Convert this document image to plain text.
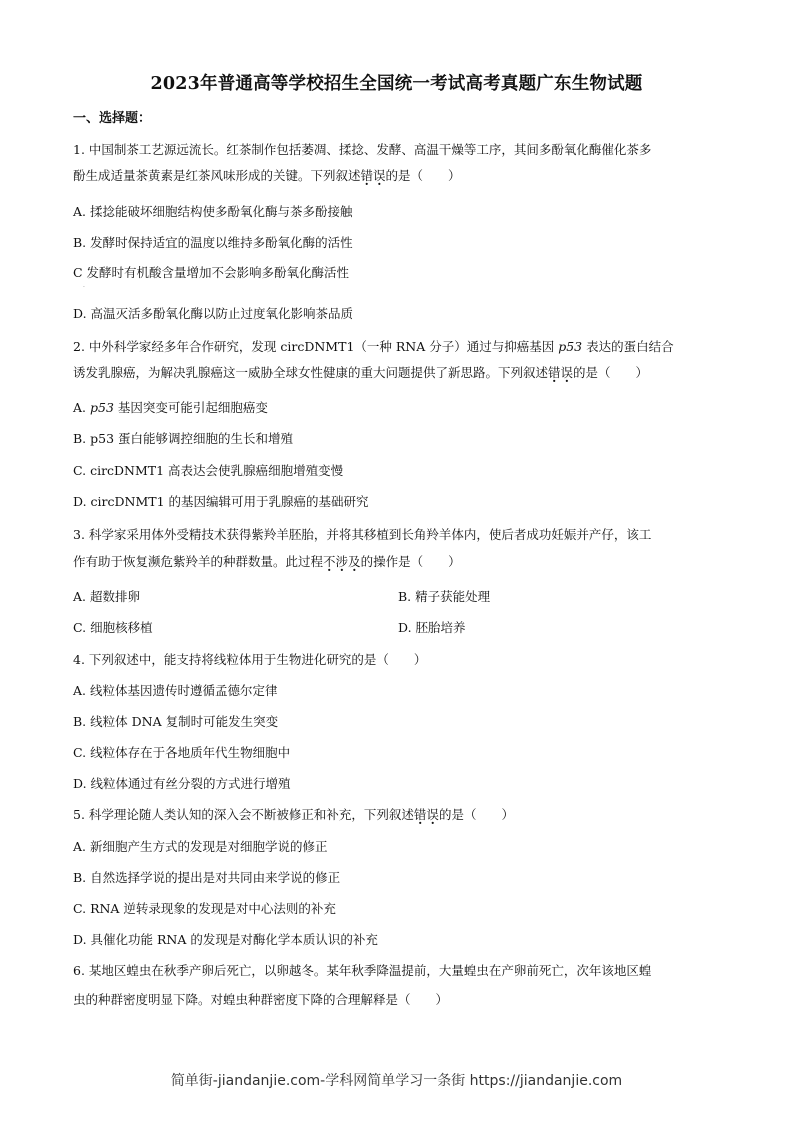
2023年普通高等学校招生全国统一考试高考真题广东生物试题
一、选择题：
1. 中国制茶工艺源远流长。红茶制作包括萎凋、揉捻、发酵、高温干燥等工序，其间多酚氧化酶催化茶多
酚生成适量茶黄素是红茶风味形成的关键。下列叙述错误的是（　　）
A. 揉捻能破坏细胞结构使多酚氧化酶与茶多酚接触
B. 发酵时保持适宜的温度以维持多酚氧化酶的活性
C 发酵时有机酸含量增加不会影响多酚氧化酶活性
·
D. 高温灭活多酚氧化酶以防止过度氧化影响茶品质
2. 中外科学家经多年合作研究，发现 circDNMT1（一种 RNA 分子）通过与抑癌基因 p53 表达的蛋白结合
诱发乳腺癌，为解决乳腺癌这一威胁全球女性健康的重大问题提供了新思路。下列叙述错误的是（　　）
A. p53 基因突变可能引起细胞癌变
B. p53 蛋白能够调控细胞的生长和增殖
C. circDNMT1 高表达会使乳腺癌细胞增殖变慢
D. circDNMT1 的基因编辑可用于乳腺癌的基础研究
3. 科学家采用体外受精技术获得紫羚羊胚胎，并将其移植到长角羚羊体内，使后者成功妊娠并产仔，该工
作有助于恢复濒危紫羚羊的种群数量。此过程不涉及的操作是（　　）
A. 超数排卵	B. 精子获能处理
C. 细胞核移植	D. 胚胎培养
4. 下列叙述中，能支持将线粒体用于生物进化研究的是（　　）
A. 线粒体基因遗传时遵循孟德尔定律
B. 线粒体 DNA 复制时可能发生突变
C. 线粒体存在于各地质年代生物细胞中
D. 线粒体通过有丝分裂的方式进行增殖
5. 科学理论随人类认知的深入会不断被修正和补充，下列叙述错误的是（　　）
A. 新细胞产生方式的发现是对细胞学说的修正
B. 自然选择学说的提出是对共同由来学说的修正
C. RNA 逆转录现象的发现是对中心法则的补充
D. 具催化功能 RNA 的发现是对酶化学本质认识的补充
6. 某地区蝗虫在秋季产卵后死亡，以卵越冬。某年秋季降温提前，大量蝗虫在产卵前死亡，次年该地区蝗
虫的种群密度明显下降。对蝗虫种群密度下降的合理解释是（　　）
简单街-jiandanjie.com-学科网简单学习一条街 https://jiandanjie.com
